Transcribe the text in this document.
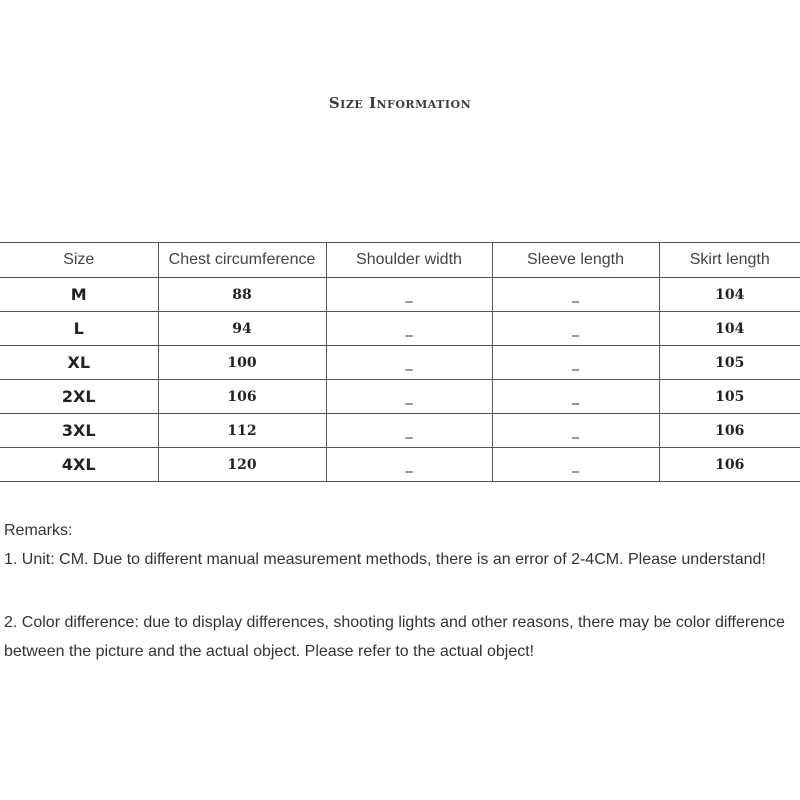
Size Information
Size	Chest circumference	Shoulder width	Sleeve length	Skirt length
M	88	_	_	104
L	94	_	_	104
XL	100	_	_	105
2XL	106	_	_	105
3XL	112	_	_	106
4XL	120	_	_	106

Remarks:

1. Unit: CM. Due to different manual measurement methods, there is an error of 2-4CM. Please understand!

2. Color difference: due to display differences, shooting lights and other reasons, there may be color difference between the picture and the actual object. Please refer to the actual object!
